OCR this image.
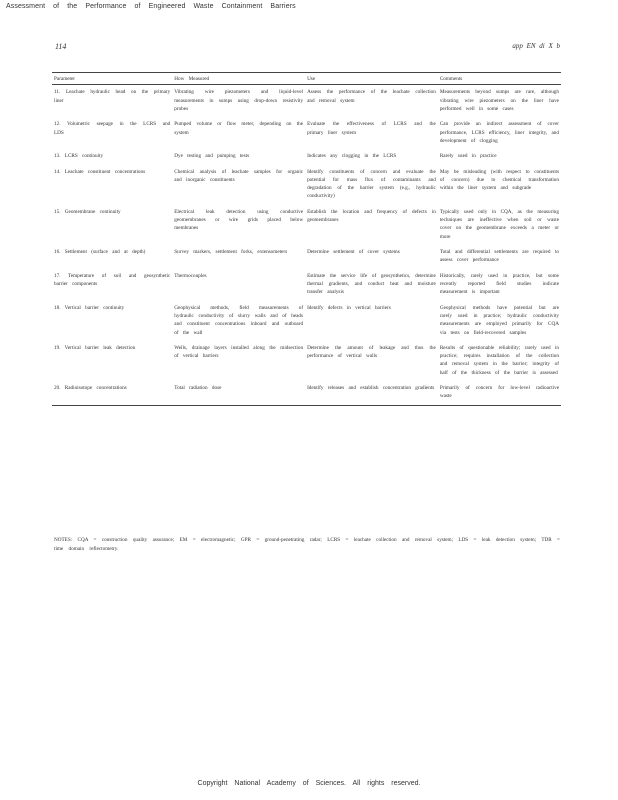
Assessment of the Performance of Engineered Waste Containment Barriers
114	app EN di X b
Parameter	How Measured	Use	Comments
11. Leachate hydraulic head on the primary liner	Vibrating wire piezometers and liquid-level measurements in sumps using drop-down resistivity probes	Assess the performance of the leachate collection and removal system	Measurements beyond sumps are rare, although vibrating wire piezometers on the liner have performed well in some cases
12. Volumetric seepage in the LCRS and LDS	Pumped volume or flow meter, depending on the system	Evaluate the effectiveness of LCRS and the primary liner system	Can provide an indirect assessment of cover performance, LCRS efficiency, liner integrity, and development of clogging
13. LCRS continuity	Dye testing and pumping tests	Indicates any clogging in the LCRS	Rarely used in practice
14. Leachate constituent concentrations	Chemical analysis of leachate samples for organic and inorganic constituents	Identify constituents of concern and evaluate the potential for mass flux of contaminants and degradation of the barrier system (e.g., hydraulic conductivity)	May be misleading (with respect to constituents of concern) due to chemical transformation within the liner system and subgrade
15. Geomembrane continuity	Electrical leak detection using conductive geomembranes or wire grids placed below membranes	Establish the location and frequency of defects in geomembranes	Typically used only in CQA, as the measuring techniques are ineffective when soil or waste cover on the geomembrane exceeds a meter or more
16. Settlement (surface and at depth)	Survey markers, settlement forks, extensometers	Determine settlement of cover systems	Total and differential settlements are required to assess cover performance
17. Temperature of soil and geosynthetic barrier components	Thermocouples	Estimate the service life of geosynthetics, determine thermal gradients, and conduct heat and moisture transfer analysis	Historically, rarely used in practice, but some recently reported field studies indicate measurement is important
18. Vertical barrier continuity	Geophysical methods, field measurements of hydraulic conductivity of slurry walls and of heads and constituent concentrations inboard and outboard of the wall	Identify defects in vertical barriers	Geophysical methods have potential but are rarely used in practice; hydraulic conductivity measurements are employed primarily for CQA via tests on field-recovered samples
19. Vertical barrier leak detection	Wells, drainage layers installed along the midsection of vertical barriers	Determine the amount of leakage and thus the performance of vertical walls	Results of questionable reliability; rarely used in practice; requires installation of the collection and removal system in the barrier; integrity of half of the thickness of the barrier is assessed
20. Radioisotope concentrations	Total radiation dose	Identify releases and establish concentration gradients	Primarily of concern for low-level radioactive waste
NOTES: CQA = construction quality assurance; EM = electromagnetic; GPR = ground-penetrating radar; LCRS = leachate collection and removal system; LDS = leak detection system; TDR = time domain reflectometry.
Copyright National Academy of Sciences. All rights reserved.
